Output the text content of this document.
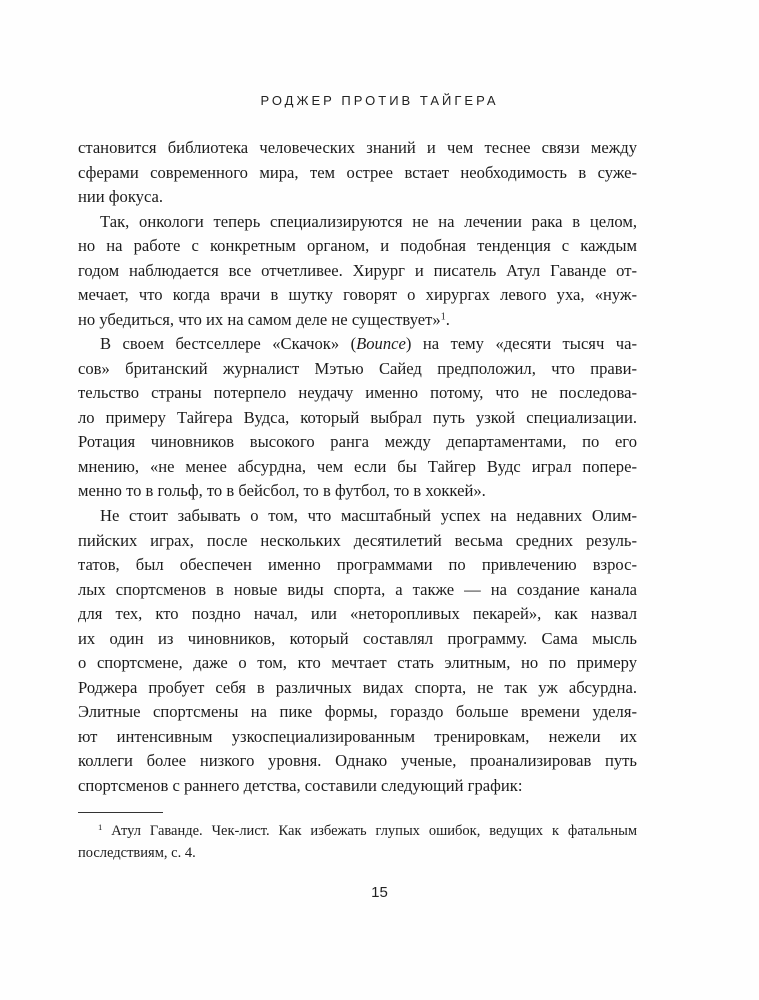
РОДЖЕР ПРОТИВ ТАЙГЕРА
становится библиотека человеческих знаний и чем теснее связи между
сферами современного мира, тем острее встает необходимость в суже-
нии фокуса.
Так, онкологи теперь специализируются не на лечении рака в целом,
но на работе с конкретным органом, и подобная тенденция с каждым
годом наблюдается все отчетливее. Хирург и писатель Атул Гаванде от-
мечает, что когда врачи в шутку говорят о хирургах левого уха, «нуж-
но убедиться, что их на самом деле не существует»$^1$.
В своем бестселлере «Скачок» (Bounce) на тему «десяти тысяч ча-
сов» британский журналист Мэтью Сайед предположил, что прави-
тельство страны потерпело неудачу именно потому, что не последова-
ло примеру Тайгера Вудса, который выбрал путь узкой специализации.
Ротация чиновников высокого ранга между департаментами, по его
мнению, «не менее абсурдна, чем если бы Тайгер Вудс играл попере-
менно то в гольф, то в бейсбол, то в футбол, то в хоккей».
Не стоит забывать о том, что масштабный успех на недавних Олим-
пийских играх, после нескольких десятилетий весьма средних резуль-
татов, был обеспечен именно программами по привлечению взрос-
лых спортсменов в новые виды спорта, а также — на создание канала
для тех, кто поздно начал, или «неторопливых пекарей», как назвал
их один из чиновников, который составлял программу. Сама мысль
о спортсмене, даже о том, кто мечтает стать элитным, но по примеру
Роджера пробует себя в различных видах спорта, не так уж абсурдна.
Элитные спортсмены на пике формы, гораздо больше времени уделя-
ют интенсивным узкоспециализированным тренировкам, нежели их
коллеги более низкого уровня. Однако ученые, проанализировав путь
спортсменов с раннего детства, составили следующий график:
$^1$ Атул Гаванде. Чек-лист. Как избежать глупых ошибок, ведущих к фатальным
последствиям, с. 4.
15
